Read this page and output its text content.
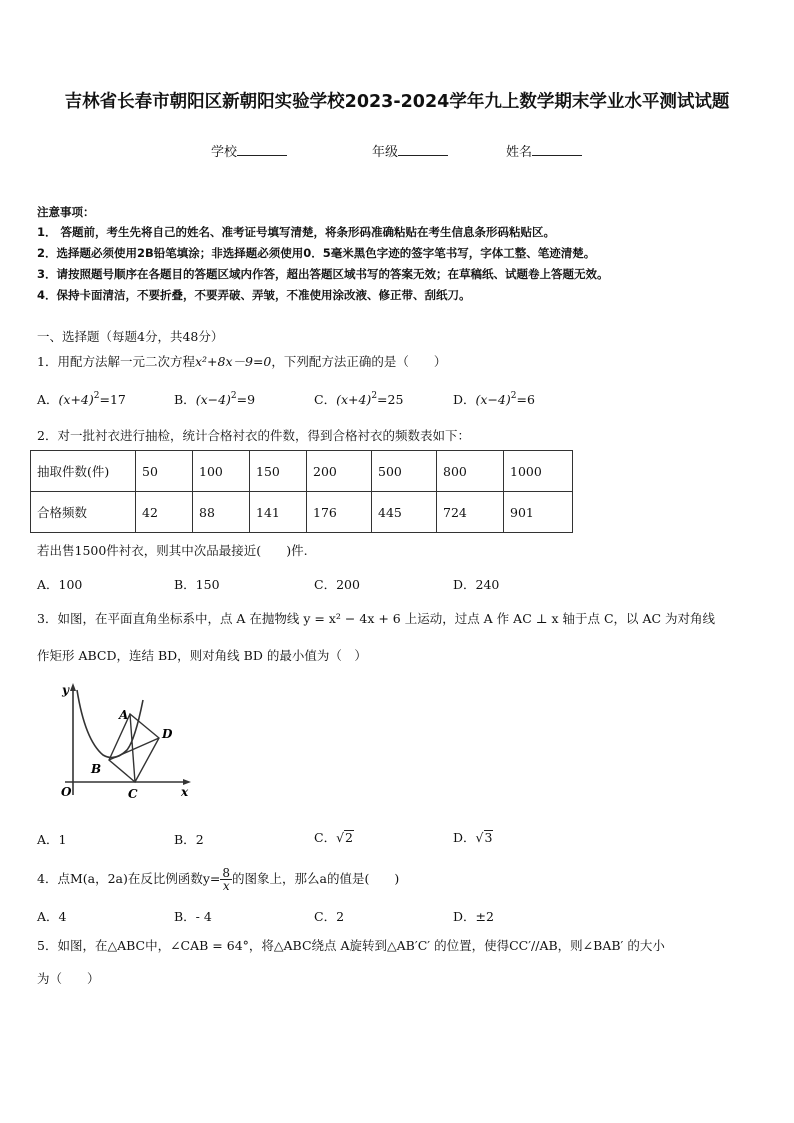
吉林省长春市朝阳区新朝阳实验学校2023-2024学年九上数学期末学业水平测试试题
学校	年级	姓名
注意事项：
1． 答题前，考生先将自己的姓名、准考证号填写清楚，将条形码准确粘贴在考生信息条形码粘贴区。
2．选择题必须使用2B铅笔填涂；非选择题必须使用0．5毫米黑色字迹的签字笔书写，字体工整、笔迹清楚。
3．请按照题号顺序在各题目的答题区域内作答，超出答题区域书写的答案无效；在草稿纸、试题卷上答题无效。
4．保持卡面清洁，不要折叠，不要弄破、弄皱，不准使用涂改液、修正带、刮纸刀。
一、选择题（每题4分，共48分）
1．用配方法解一元二次方程x²+8x－9=0，下列配方法正确的是（　　）
A．$(x+4)^2=17$	B．$(x-4)^2=9$	C．$(x+4)^2=25$	D．$(x-4)^2=6$
2．对一批衬衣进行抽检，统计合格衬衣的件数，得到合格衬衣的频数表如下：
抽取件数(件)	50	100	150	200	500	800	1000
合格频数	42	88	141	176	445	724	901
若出售1500件衬衣，则其中次品最接近(　　)件.
A．100	B．150	C．200	D．240
3．如图，在平面直角坐标系中，点 A 在抛物线 y = x² − 4x + 6 上运动，过点 A 作 AC ⊥ x 轴于点 C，以 AC 为对角线
作矩形 ABCD，连结 BD，则对角线 BD 的最小值为（　）
y
x
O
A
B
C
D
A．1	B．2	C．√2	D．√3
4．点M(a，2a)在反比例函数$y= \frac{8}{x}$ 的图象上，那么a的值是(　　)
A．4	B．- 4	C．2	D．±2
5．如图，在△ABC中，∠CAB = 64°，将△ABC绕点 A旋转到△AB′C′ 的位置，使得CC′//AB，则∠BAB′ 的大小
为（　　）
